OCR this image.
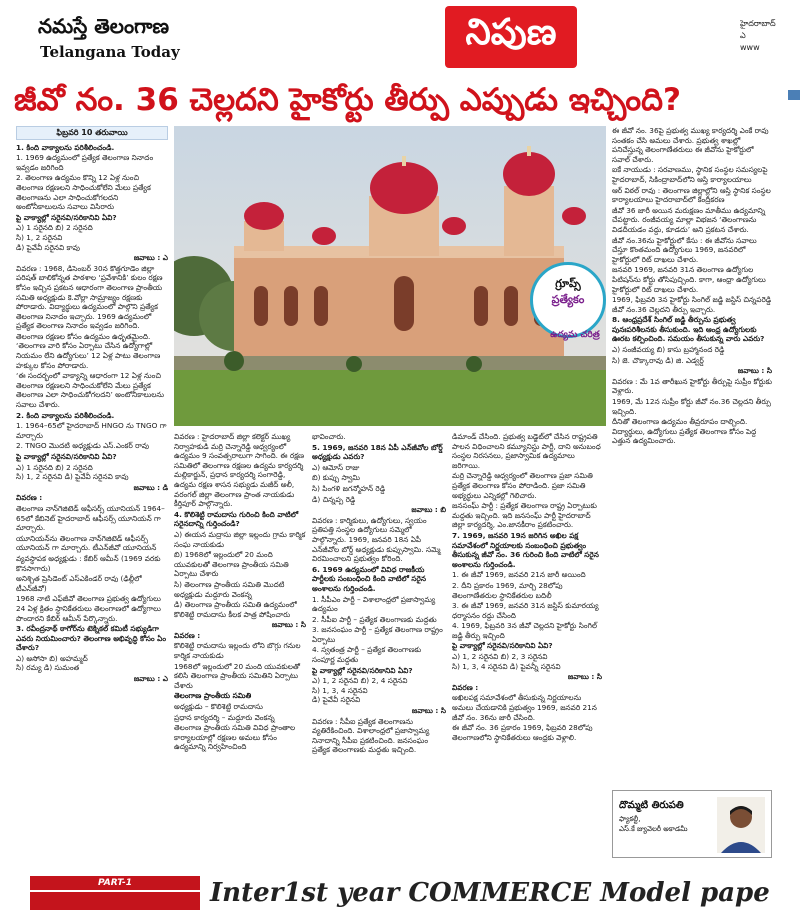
నమస్తే తెలంగాణ
Telangana Today	నిపుణ	హైదరాబాద్
ఎ
www
జీవో నం. 36 చెల్లదని హైకోర్టు తీర్పు ఎప్పుడు ఇచ్చింది?
ఫిబ్రవరి 10 తరువాయి

1. కింది వాక్యాలను పరిశీలించండి.

1. 1969 ఉద్యమంలో ప్రత్యేక తెలంగాణ నినాదం ఇవ్వడం జరిగింది

2. తెలంగాణ ఉద్యమం కొన్ని 12 ఏళ్ల నుంచి తెలంగాణ రక్షణలని సాధించుకోలేని మేలు ప్రత్యేక తెలంగాణను ఎలా సాధించుకోగలదని అంటోనీకాలులను సవాలు విసిరారు

పై వాక్యాల్లో సరైనవి/సరికానివి ఏవి?

ఎ) 1 సరైనది బి) 2 సరైనది
సి) 1, 2 సరైనవి
డి) పైవేవీ సరైనవి కావు

జవాబు : ఎ

వివరణ : 1968, డిసెంబర్ 30న కొత్తగూడెం జిల్లా పరిషత్ బాలికోన్నత పాఠశాల ‘ప్రవేశానికి’ కులం రక్షణ కోసం ఇచ్చిన ప్రకటన ఆధారంగా తెలంగాణ ప్రాంతీయ సమితి అధ్యక్షుడు కె.వోల్లా సామ్రాజ్యం రక్షణకు పోరాడారు. విద్యార్థులు ఉద్యమంలో పాల్గొని ప్రత్యేక తెలంగాణ నినాదం ఇచ్చారు. 1969 ఉద్యమంలో ప్రత్యేక తెలంగాణ నినాదం ఇవ్వడం జరిగింది.

తెలంగాణ రక్షణల కోసం ఉద్యమం ఉధృతమైంది. ‘తెలంగాణ వారి కోసం ఏర్పాటు చేసిన ఉద్యోగాల్లో నియమం లేని ఉద్యోగులు’ 12 ఏళ్ల పాటు తెలంగాణ హక్కుల కోసం పోరాడారు.

‘ఈ సందర్భంలో వాక్యాన్ని ఆధారంగా 12 ఏళ్ల నుంచి తెలంగాణ రక్షణలని సాధించుకోలేని మేలు ప్రత్యేక తెలంగాణ ఎలా సాధించుకోగలదని’ అంటోనీకాలులను సవాలు చేశారు.

2. కింది వాక్యాలను పరిశీలించండి.

1. 1964–65లో హైదరాబాద్ HNGO ను TNGO గా మార్చారు

2. TNGO మొదటి అధ్యక్షుడు ఎస్.ఎంకర్ రావు

పై వాక్యాల్లో సరైనవి/సరికానివి ఏవి?

ఎ) 1 సరైనది బి) 2 సరైనది
సి) 1, 2 సరైనవి డి) పైవేవీ సరైనవి కావు

జవాబు : డి

వివరణ :

తెలంగాణ నాన్‌గెజిటెడ్ ఆఫీసర్స్ యూనియన్ 1964–65లో కేబినెట్ హైదరాబాద్ ఆఫీసర్స్ యూనియన్ గా మార్చారు.

యూనియన్‌ను తెలంగాణ నాన్‌గెజిటెడ్ ఆఫీసర్స్ యూనియన్ గా మార్చారు. టీఎన్‌జీవో యూనియన్

వ్యవస్థాపక అధ్యక్షుడు : కేబిర్ ఆమీన్ (1969 వరకు కొనసాగారు)

అనిశ్చిత ప్రెసిడెంట్ ఎస్‌ఎకిండర్ రావు (ఢిల్లీలో టీఎన్‌జీవో)

1968 నాటి ఎఫ్‌జీవో తెలంగాణ ప్రభుత్వ ఉద్యోగులు 24 ఏళ్ల క్రితం స్థానికేతరులు తెలంగాణలో ఉద్యోగాలు పొందారని కేబిర్ ఆమీన్ పేర్కొన్నారు.

3. రవీంద్రనాథ్ ఠాగోర్‌ను టెక్నికల్ కమిటీ సభ్యుడిగా ఎవరు నియమించారు? తెలంగాణ అభివృద్ధి కోసం ఏం చేశారు?

ఎ) అసోసా బి) అహమ్మద్
సి) రమ్య డి) సుమంత

జవాబు : ఎ

గ్రూప్స్
ప్రత్యేకం
ఉద్యమ చరిత్ర

వివరణ : హైదరాబాద్ జిల్లా కలెక్టర్ ముఖ్య నిర్వాహకుడి మర్రి చెన్నారెడ్డి ఆధ్వర్యంలో ఉద్యమం 9 సంవత్సరాలుగా సాగింది. ఈ రక్షణ సమితిలో తెలంగాణ రక్షణల ఉద్యమ కార్యదర్శి మల్లికార్జున్, ప్రధాన కార్యదర్శి సంగారెడ్డి, ఉద్యమ రక్షణ శాసన సభ్యుడు మజీద్ అలీ, వరంగల్ జిల్లా తెలంగాణ ప్రాంత నాయకుడు కీర్తిపూర్ పాల్గొన్నారు.

4. కొలిశెట్టి రామదాసు గురించి కింది వాటిలో సరైనదాన్ని గుర్తించండి?

ఎ) ఈయన మద్రాసు జిల్లా ఇల్లందు గ్రామ కార్మిక సంఘ నాయకుడు

బి) 1968లో ఇల్లందులో 20 మంది యువకులతో తెలంగాణ ప్రాంతీయ సమితి ఏర్పాటు చేశారు

సి) తెలంగాణ ప్రాంతీయ సమితి మొదటి అధ్యక్షుడు మద్దూరు వెంకన్న

డి) తెలంగాణ ప్రాంతీయ సమితి ఉద్యమంలో కొలిశెట్టి రామదాసు కీలక పాత్ర పోషించారు

జవాబు : సి

వివరణ :

కొలిశెట్టి రామదాసు ఇల్లందు లోని బొగ్గు గనుల కార్మిక నాయకుడు

1968లో ఇల్లందులో 20 మంది యువకులతో కలిసి తెలంగాణ ప్రాంతీయ సమితిని ఏర్పాటు చేశారు

తెలంగాణ ప్రాంతీయ సమితి

అధ్యక్షుడు – కొలిశెట్టి రామదాసు

ప్రధాన కార్యదర్శి – మద్దూరు వెంకన్న

తెలంగాణ ప్రాంతీయ సమితి వివిధ ప్రాంతాల కార్యాలయాల్లో రక్షణల అమలు కోసం ఉద్యమాన్ని నిర్వహించింది

భావించారు.

5. 1969, జనవరి 18న ఏపీ ఎన్‌జీవోల బోర్డ్ అధ్యక్షుడు ఎవరు?

ఎ) ఆమోస్ రాజు

బి) కుప్పు స్వామి

సి) పింగళి జగన్మోహన్ రెడ్డి

డి) చిన్నప్ప రెడ్డి

జవాబు : బి

వివరణ : కార్మికులు, ఉద్యోగులు, స్వయం ప్రతిపత్తి సంస్థల ఉద్యోగులు సమ్మెలో పాల్గొన్నారు. 1969, జనవరి 18న ఏపీ ఎన్‌జీవోల బోర్డ్ అధ్యక్షుడు కుప్పుస్వామి. సమ్మె విరమించాలని ప్రభుత్వం కోరింది.

6. 1969 ఉద్యమంలో వివిధ రాజకీయ పార్టీలకు సంబంధించి కింది వాటిలో సరైన అంశాలను గుర్తించండి.

1. సీపీఎం పార్టీ – విశాలాంధ్రలో ప్రజాస్వామ్య ఉద్యమం

2. సీపీఐ పార్టీ – ప్రత్యేక తెలంగాణకు మద్దతు

3. జనసంఘం పార్టీ – ప్రత్యేక తెలంగాణ రాష్ట్రం ఏర్పాటు

4. స్వతంత్ర పార్టీ – ప్రత్యేక తెలంగాణకు సంపూర్ణ మద్దతు

పై వాక్యాల్లో సరైనవి/సరికానివి ఏవి?

ఎ) 1, 2 సరైనవి బి) 2, 4 సరైనవి
సి) 1, 3, 4 సరైనవి
డి) పైవేవీ సరైనవి

జవాబు : సి

వివరణ : సీపీఐ ప్రత్యేక తెలంగాణను వ్యతిరేకించింది. విశాలాంధ్రలో ప్రజాస్వామ్య నినాదాన్ని సీపీఐ ప్రకటించింది. జనసంఘం ప్రత్యేక తెలంగాణకు మద్దతు ఇచ్చింది.

డిమాండ్ చేసింది. ప్రభుత్వ బడ్జెట్‌లో చేసిన రాష్ట్రపతి పాలన విధించాలని కమ్యూనిస్టు పార్టీ, దాని అనుబంధ సంస్థల నిరసనలు, ప్రజాస్వామిక ఉద్యమాలు జరిగాయి.

మర్రి చెన్నారెడ్డి ఆధ్వర్యంలో తెలంగాణ ప్రజా సమితి ప్రత్యేక తెలంగాణ కోసం పోరాడింది. ప్రజా సమితి అభ్యర్థులు ఎన్నికల్లో గెలిచారు.

జనసంఘ్ పార్టీ : ప్రత్యేక తెలంగాణ రాష్ట్ర ఏర్పాటుకు మద్దతు ఇచ్చింది. ఇది జనసంఘ్ పార్టీ హైదరాబాద్ జిల్లా కార్యదర్శి, ఎం.జానకీరాం ప్రకటించారు.

7. 1969, జనవరి 19న జరిగిన అఖిల పక్ష సమావేశంలో నిర్ణయాలకు సంబంధించి ప్రభుత్వం తీసుకున్న జీవో నం. 36 గురించి కింది వాటిలో సరైన అంశాలను గుర్తించండి.

1. ఈ జీవో 1969, జనవరి 21న జారీ అయింది

2. దీని ప్రకారం 1969, మార్చి 28లోపు తెలంగాణేతరుల స్థానికేతరుల బదిలీ

3. ఈ జీవో 1969, జనవరి 31న జస్టిస్ కుమారయ్య ధర్మాసనం రద్దు చేసింది

4. 1969, ఫిబ్రవరి 3న జీవో చెల్లదని హైకోర్టు సింగిల్ జడ్జి తీర్పు ఇచ్చింది

పై వాక్యాల్లో సరైనవి/సరికానివి ఏవి?

ఎ) 1, 2 సరైనవి బి) 2, 3 సరైనవి
సి) 1, 3, 4 సరైనవి డి) పైవన్నీ సరైనవి

జవాబు : సి

వివరణ :

అఖిలపక్ష సమావేశంలో తీసుకున్న నిర్ణయాలను అమలు చేయడానికి ప్రభుత్వం 1969, జనవరి 21న జీవో నం. 36ను జారీ చేసింది.

ఈ జీవో నం. 36 ప్రకారం 1969, ఫిబ్రవరి 28లోపు తెలంగాణలోని స్థానికేతరులు ఆంధ్రకు వెళ్లాలి.

ఈ జీవో నం. 36పై ప్రభుత్వ ముఖ్య కార్యదర్శి ఎంకే రావు సంతకం చేసి అమలు చేశారు. ప్రభుత్వ శాఖల్లో పనిచేస్తున్న తెలంగాణేతరులు ఈ జీవోను హైకోర్టులో సవాల్ చేశారు.

ఐకే నాయుడు : సరవాణము, స్థానిక సంస్థల సమస్యలపై హైదరాబాద్, సికింద్రాబాద్‌లోని ఆస్తి కార్యాలయాలు

ఆర్ విఠల్ రావు : తెలంగాణ జిల్లాల్లోని ఆస్తి స్థానిక సంస్థల కార్యాలయాలు హైదరాబాద్‌లో కేంద్రీకరణ

జీవో 36 జారీ అయిన మరుక్షణం మాతీము ఉద్యమాన్ని చేపట్టారు. రంజీవయ్య మాల్లా విభజన ‘తెలంగాణను విడదీయడం వద్దు, కూడదు’ అని ప్రకటన చేశారు.

జీవో నం.36ను హైకోర్టులో కేసు : ఈ జీవోను సవాలు చేస్తూ కొంతమంది ఉద్యోగులు 1969, జనవరిలో హైకోర్టులో రిట్ దాఖలు చేశారు.

జనవరి 1969, జనవరి 31న తెలంగాణ ఉద్యోగుల పిటిషన్‌ను కోర్టు తోసిపుచ్చింది. కాగా, ఆంధ్రా ఉద్యోగులు హైకోర్టులో రిట్ దాఖలు చేశారు.

1969, ఫిబ్రవరి 3న హైకోర్టు సింగిల్ జడ్జి జస్టిస్ చిన్నపరెడ్డి జీవో నం.36 చెల్లదని తీర్పు ఇచ్చారు.

8. ఆంధ్రప్రదేశ్ సింగిల్ జడ్జి తీర్పును ప్రభుత్వ పునఃపరిశీలనకు తీసుకుంది. ఇది ఆంధ్ర ఉద్యోగులకు ఊరట కల్పించింది. సమయం తీసుకున్న వారు ఎవరు?

ఎ) సంజీవయ్య బి) కాసు బ్రహ్మానంద రెడ్డి

సి) జె. చొక్కారావు డి) జి. ఎడ్వర్డ్

జవాబు : సి

వివరణ : మే 1వ తారీఖున హైకోర్టు తీర్పుపై సుప్రీం కోర్టుకు వెళ్లారు.

1969, మే 12న సుప్రీం కోర్టు జీవో నం.36 చెల్లదని తీర్పు ఇచ్చింది.

దీనితో తెలంగాణ ఉద్యమం తీవ్రరూపం దాల్చింది. విద్యార్థులు, ఉద్యోగులు ప్రత్యేక తెలంగాణ కోసం పెద్ద ఎత్తున ఉద్యమించారు.

దొమ్మటి తిరుపతి
ఫ్యాకల్టీ,
ఎస్.కే జ్యువెలరీ అకాడమీ
PART-1	Inter1st year COMMERCE Model pape
